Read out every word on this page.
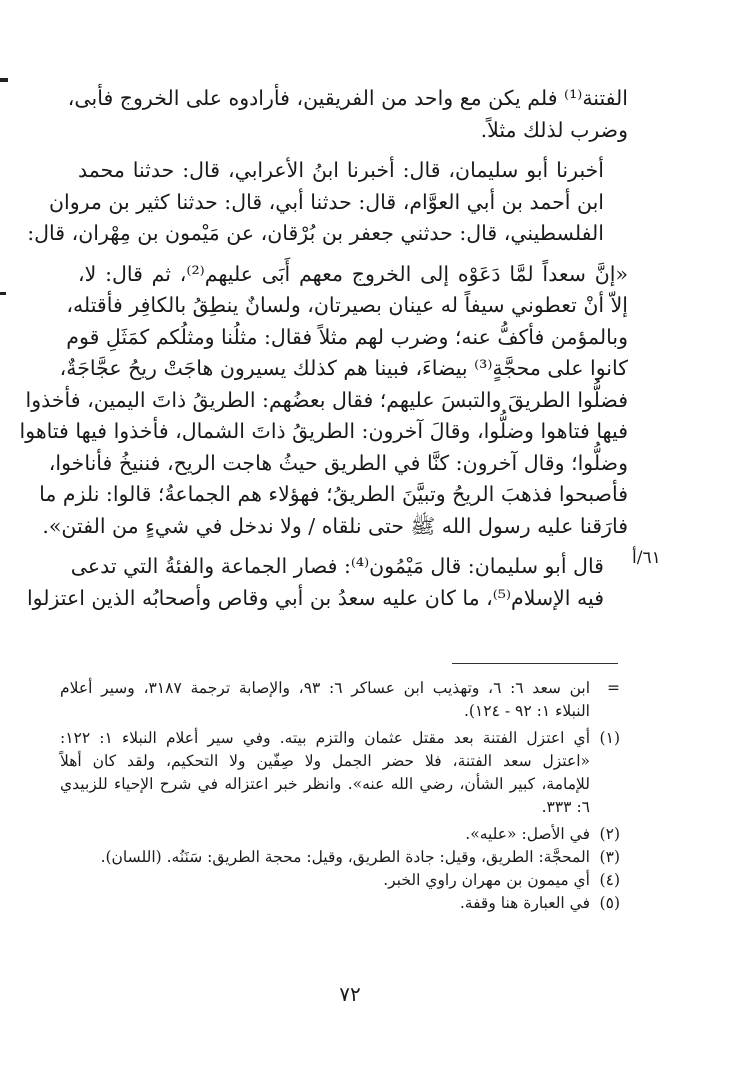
الفتنة⁽¹⁾ فلم يكن مع واحد من الفريقين، فأرادوه على الخروج فأبى،
وضرب لذلك مثلاً.

أخبرنا أبو سليمان، قال: أخبرنا ابنُ الأعرابي، قال: حدثنا محمد
ابن أحمد بن أبي العوَّام، قال: حدثنا أبي، قال: حدثنا كثير بن مروان
الفلسطيني، قال: حدثني جعفر بن بُرْقان، عن مَيْمون بن مِهْران، قال:

«إنَّ سعداً لمَّا دَعَوْه إلى الخروج معهم أَبَى عليهم⁽²⁾، ثم قال: لا،
إلاّ أنْ تعطوني سيفاً له عينان بصيرتان، ولسانٌ ينطِقُ بالكافِر فأقتله،
وبالمؤمن فأكفُّ عنه؛ وضرب لهم مثلاً فقال: مثلُنا ومثلُكم كمَثَلِ قوم
كانوا على محجَّةٍ⁽³⁾ بيضاءَ، فبينا هم كذلك يسيرون هاجَتْ ريحُ عجَّاجَةٌ،
فضلُّوا الطريقَ والتبسَ عليهم؛ فقال بعضُهم: الطريقُ ذاتَ اليمين، فأخذوا
فيها فتاهوا وضلُّوا، وقالَ آخرون: الطريقُ ذاتَ الشمال، فأخذوا فيها فتاهوا
وضلُّوا؛ وقال آخرون: كنَّا في الطريق حيثُ هاجت الريح، فننيخُ فأناخوا،
فأصبحوا فذهبَ الريحُ وتبيَّنَ الطريقُ؛ فهؤلاء هم الجماعةُ؛ قالوا: نلزم ما
فارَقنا عليه رسول الله ﷺ حتى نلقاه / ولا ندخل في شيءٍ من الفتن».

قال أبو سليمان: قال مَيْمُون⁽⁴⁾: فصار الجماعة والفئةُ التي تدعى
فيه الإسلام⁽⁵⁾، ما كان عليه سعدُ بن أبي وقاص وأصحابُه الذين اعتزلوا

٦١/أ
=
ابن سعد ٦: ٦، وتهذيب ابن عساكر ٦: ٩٣، والإصابة ترجمة ٣١٨٧، وسير أعلام
النبلاء ١: ٩٢ - ١٢٤).
(١)
أي اعتزل الفتنة بعد مقتل عثمان والتزم بيته. وفي سير أعلام النبلاء ١: ١٢٢:
«اعتزل سعد الفتنة، فلا حضر الجمل ولا صِفّين ولا التحكيم، ولقد كان أهلاً
للإمامة، كبير الشأن، رضي الله عنه». وانظر خبر اعتزاله في شرح الإحياء للزبيدي
٦: ٣٣٣.
(٢)
في الأصل: «عليه».
(٣)
المحجَّة: الطريق، وقيل: جادة الطريق، وقيل: محجة الطريق: سَنَنُه. (اللسان).
(٤)
أي ميمون بن مهران راوي الخبر.
(٥)
في العبارة هنا وقفة.
٧٢
